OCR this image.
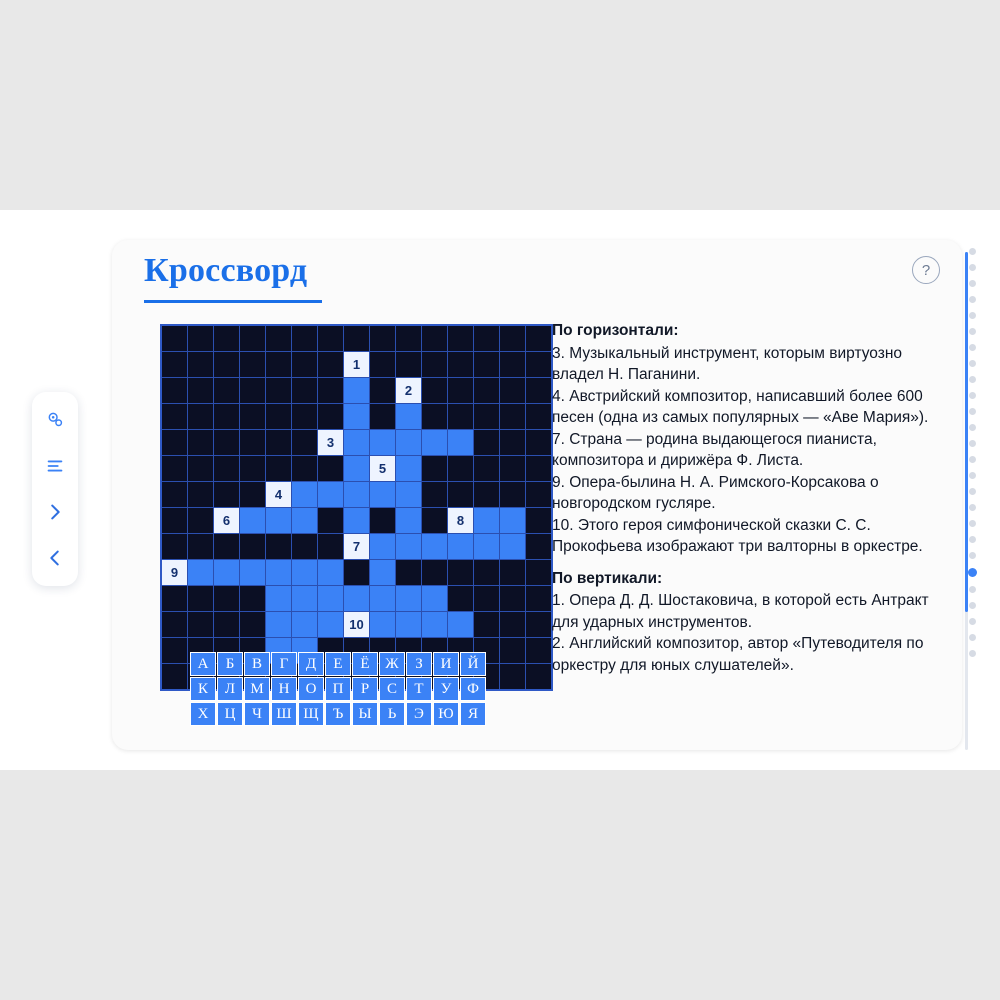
Кроссворд	?

1							

2					

3								

5						

4										

6									8			

7							

9														

10							

А	Б	В	Г	Д	Е	Ё	Ж	З	И	Й
К	Л	М Н	О	П	Р	С	Т	У	Ф
Х	Ц	Ч Ш Щ Ъ	Ы	Ь	Э Ю Я
По горизонтали:
3. Музыкальный инструмент, которым виртуозно владел Н. Паганини.
4. Австрийский композитор, написавший более 600 песен (одна из самых популярных — «Аве Мария»).
7. Страна — родина выдающегося пианиста, композитора и дирижёра Ф. Листа.
9. Опера-былина Н. А. Римского-Корсакова о новгородском гусляре.
10. Этого героя симфонической сказки С. С. Прокофьева изображают три валторны в оркестре.
По вертикали:
1. Опера Д. Д. Шостаковича, в которой есть Антракт для ударных инструментов.
2. Английский композитор, автор «Путеводителя по оркестру для юных слушателей».
